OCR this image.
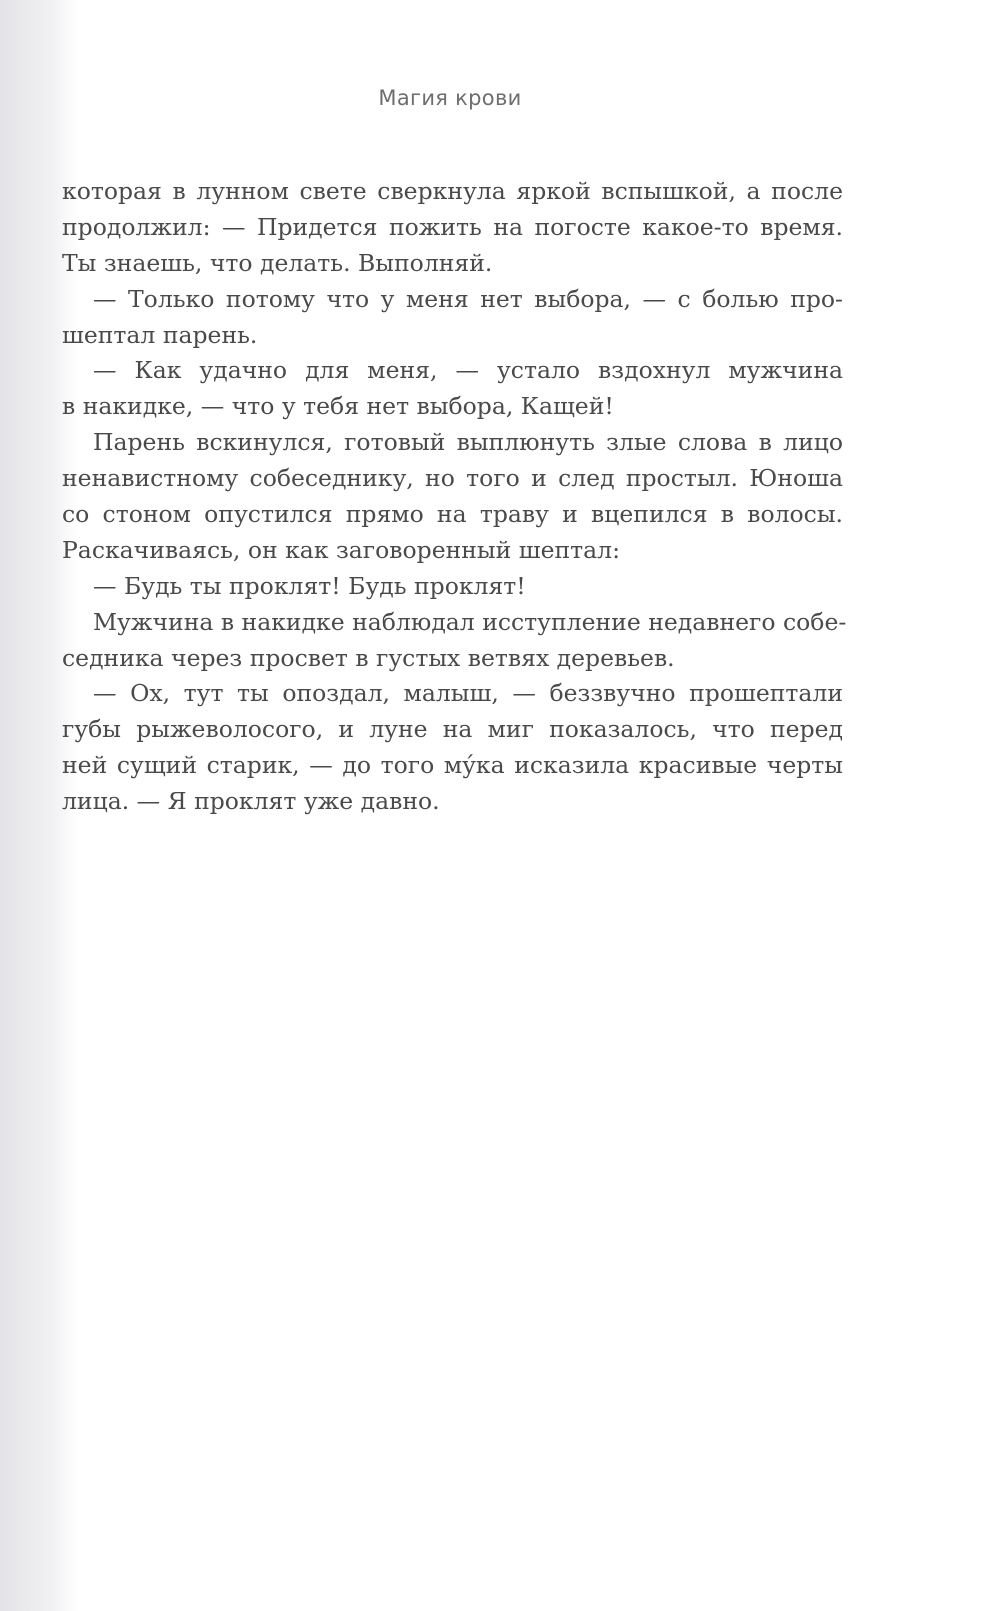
Магия крови
которая в лунном свете сверкнула яркой вспышкой, а после
продолжил: — Придется пожить на погосте какое-то время.
Ты знаешь, что делать. Выполняй.
— Только потому что у меня нет выбора, — с болью про-
шептал парень.
— Как удачно для меня, — устало вздохнул мужчина
в накидке, — что у тебя нет выбора, Кащей!
Парень вскинулся, готовый выплюнуть злые слова в лицо
ненавистному собеседнику, но того и след простыл. Юноша
со стоном опустился прямо на траву и вцепился в волосы.
Раскачиваясь, он как заговоренный шептал:
— Будь ты проклят! Будь проклят!
Мужчина в накидке наблюдал исступление недавнего собе-
седника через просвет в густых ветвях деревьев.
— Ох, тут ты опоздал, малыш, — беззвучно прошептали
губы рыжеволосого, и луне на миг показалось, что перед
ней сущий старик, — до того му́ка исказила красивые черты
лица. — Я проклят уже давно.
